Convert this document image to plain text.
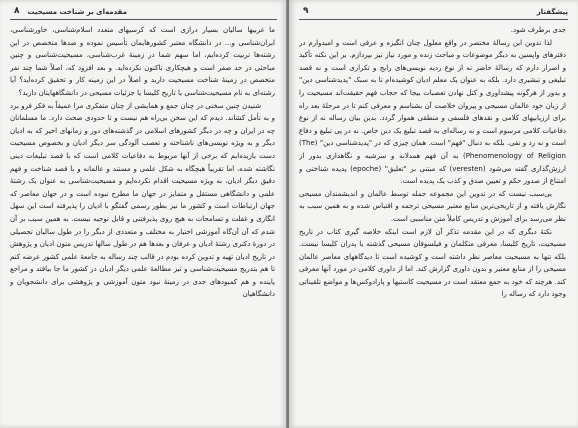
۸ مقدمه‌ای بر شناخت مسیحیت

ما غربیها سالیان بسیار درازی است که کرسیهای متعدد اسلام‌شناسی، خاورشناسی، ایران‌شناسی و... در دانشگاه معتبر کشورهایمان تأسیس نموده و صدها متخصص در این رشته‌ها تربیت کرده‌ایم، اما سهم شما در زمینهٔ غرب‌شناسی، مسیحیت‌شناسی و چنین مباحثی در حد صفر است و هیچکاری تاکنون نکرده‌اید. و بعد افزود که، اصلاً شما چند نفر متخصص در زمینهٔ شناخت مسیحیت دارید و اصلاً در این زمینه کار و تحقیق کرده‌اید؟ آیا رشته‌ای به نام مسیحیت‌شناسی یا تاریخ کلیسا یا جزئیات مسیحی در دانشگاههایتان دارید؟

شنیدن چنین سخنی در چنان جمع و همایشی از چنان متفکری مرا عمیقاً به فکر فرو برد و به تأمل کشاند. دیدم که این سخن بی‌راه هم نیست و تا حدودی صحت دارد. ما مسلمانان چه در ایران و چه در دیگر کشورهای اسلامی در گذشته‌های دور و زمانهای اخیر که به ادیان دیگر و به ویژه نویسی‌های ناشناخته و تعصب آلودگی سر دیگر ادیان و بخصوص مسیحیت دست یازیده‌ایم که برخی از آنها مربوط به دفاعیات کلامی است که با قصد تبلیغات دینی نگاشته شده، اما تقریباً هیچگاه به شکل علمی و مستند و عالمانه و با قصد شناخت و فهم دقیق دیگر ادیان، به ویژه مسیحیت اقدام نکرده‌ایم و مسیحیت‌شناسی به عنوان یک رشتهٔ علمی و دانشگاهی مستقل و متمایز در جهان ما مطرح نبوده است و در جهان معاصر که جهان ارتباطات است و کشور ما نیز بطور رسمی گفتگو با ادیان را پذیرفته است این سهل انگاری و غفلت و تسامحات به هیچ روی پذیرفتنی و قابل توجیه نیست. به همین سبب بر آن شدم که آن آن‌گاه آموزشی اختیار به مختلف و متعددی از دیگر را در طول سالیان تحصیلی در دورهٔ دکتری رشتهٔ ادیان و عرفان و بعدها هم در طول سالها تدریس متون ادیان و پژوهش در تاریخ ادیان تهیه و تدوین کرده بودم در قالب چند رساله به جامعهٔ علمی کشور عرضه کنم تا هم بتدریج مسیحیت‌شناسی و تیز مطالعهٔ علمی دیگر ادیان در کشور ما جا بیافتد و مراجع پاینده و هم کمبودهای جدی در زمینهٔ نبود متون آموزشی و پژوهشی برای دانشجویان و دانشگاهیان

پیشگفتار
۹

جدی برطرف شود.

لذا تدوین این رسالهٔ مختصر در واقع معلول چنان انگیزه و عرفی است و امیدوارم در دفترهای واپسین به دیگر موضوعات و مباحث زنده و مورد نیاز نیز بپردازم. بر این نکته تأکید و اصرار دارم که رسالهٔ حاضر نه از نوع ردیه نویسی‌های رایج و تکراری است و نه قصد تبلیغی و تبشیری دارد. بلکه به عنوان یک معلم ادیان کوشیده‌ام تا به سبک "پدیدشناسی دین" و بدور از هرگونه پیشداوری و کتل نهادن تعصبات بیجا که حجاب فهم حقیقت‌اند مسیحیت را از زبان خود عالمان مسیحی و پیروان خلاصت آن بشناسم و معرفی کنم تا در مرحلهٔ بعد راه برای ارزیابیهای کلامی و نقدهای فلسفی و منطقی هموار گردد. بدین بیان رساله نه از نوع دفاعیات کلامی مرسوم است و نه رساله‌ای به قصد تبلیغ یک دین خاص. نه در پی تبلیغ و دفاع است و نه رد و نفی. بلکه به دنبال "فهم" است. همان چیزی که در "پدیدشناسی دین" (The) Phenomenology of Religion) به آن فهم همدلانه و سرشیه و نگاهداری بدور از ارزش‌گذاری گفته می‌شود (veresten) که مبتنی بر "تعلیق" (epoche) پدیده شناختی و امتناع از صدور حکم و تعیین صدق و کذب یک پدیده است.

بی‌سبب نیست که در تدوین این مجموعه جمله توسط عالمان و اندیشمندان مسیحی نگارش یافته و از تاریخی‌ترین منابع معتبر مسیحی ترجمه و اقتباس شده و به همین سبب به نظر می‌رسد برای آموزش و تدریس کاملاً متن مناسبی است.

نکتهٔ دیگری که در این مقدمه تذکر آن لازم است اینکه خلاصه گیری کتاب در تاریخ مسیحیت، تاریخ کلیسا، معرفی متکلمان و فیلسوفان مسیحی گذشته یا پدران کلیسا نیست. بلکه تنها به مسیحیت معاصر نظر داشته است و کوشیده است تا دیدگاههای معاصر عالمان مسیحی را از منابع معتبر و بدون داوری گزارش کند. اما از داوری کلامی در مورد آنها معرفی کند. هرچند که خود به جمع معتقد است در مسیحیت کاستیها و پارادوکس‌ها و مواضع تلقیناتی وجود دارد که رساله را
